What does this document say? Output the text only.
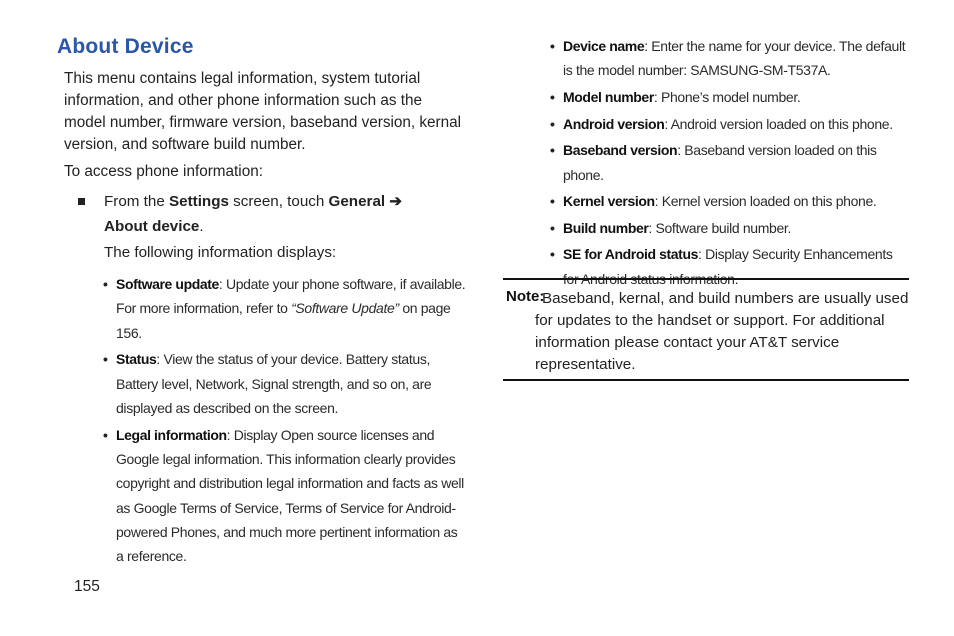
About Device

This menu contains legal information, system tutorial information, and other phone information such as the model number, firmware version, baseband version, kernal version, and software build number.

To access phone information:

From the Settings screen, touch General ➔
About device.

The following information displays:

• Software update: Update your phone software, if available. For more information, refer to “Software Update” on page 156.
• Status: View the status of your device. Battery status, Battery level, Network, Signal strength, and so on, are displayed as described on the screen.
• Legal information: Display Open source licenses and Google legal information. This information clearly provides copyright and distribution legal information and facts as well as Google Terms of Service, Terms of Service for Android-powered Phones, and much more pertinent information as a reference.
• Device name: Enter the name for your device. The default is the model number: SAMSUNG-SM-T537A.
• Model number: Phone’s model number.
• Android version: Android version loaded on this phone.
• Baseband version: Baseband version loaded on this phone.
• Kernel version: Kernel version loaded on this phone.
• Build number: Software build number.
• SE for Android status: Display Security Enhancements for Android status information.
Note:

Baseband, kernal, and build numbers are usually used for updates to the handset or support. For additional information please contact your AT&T service representative.

155
